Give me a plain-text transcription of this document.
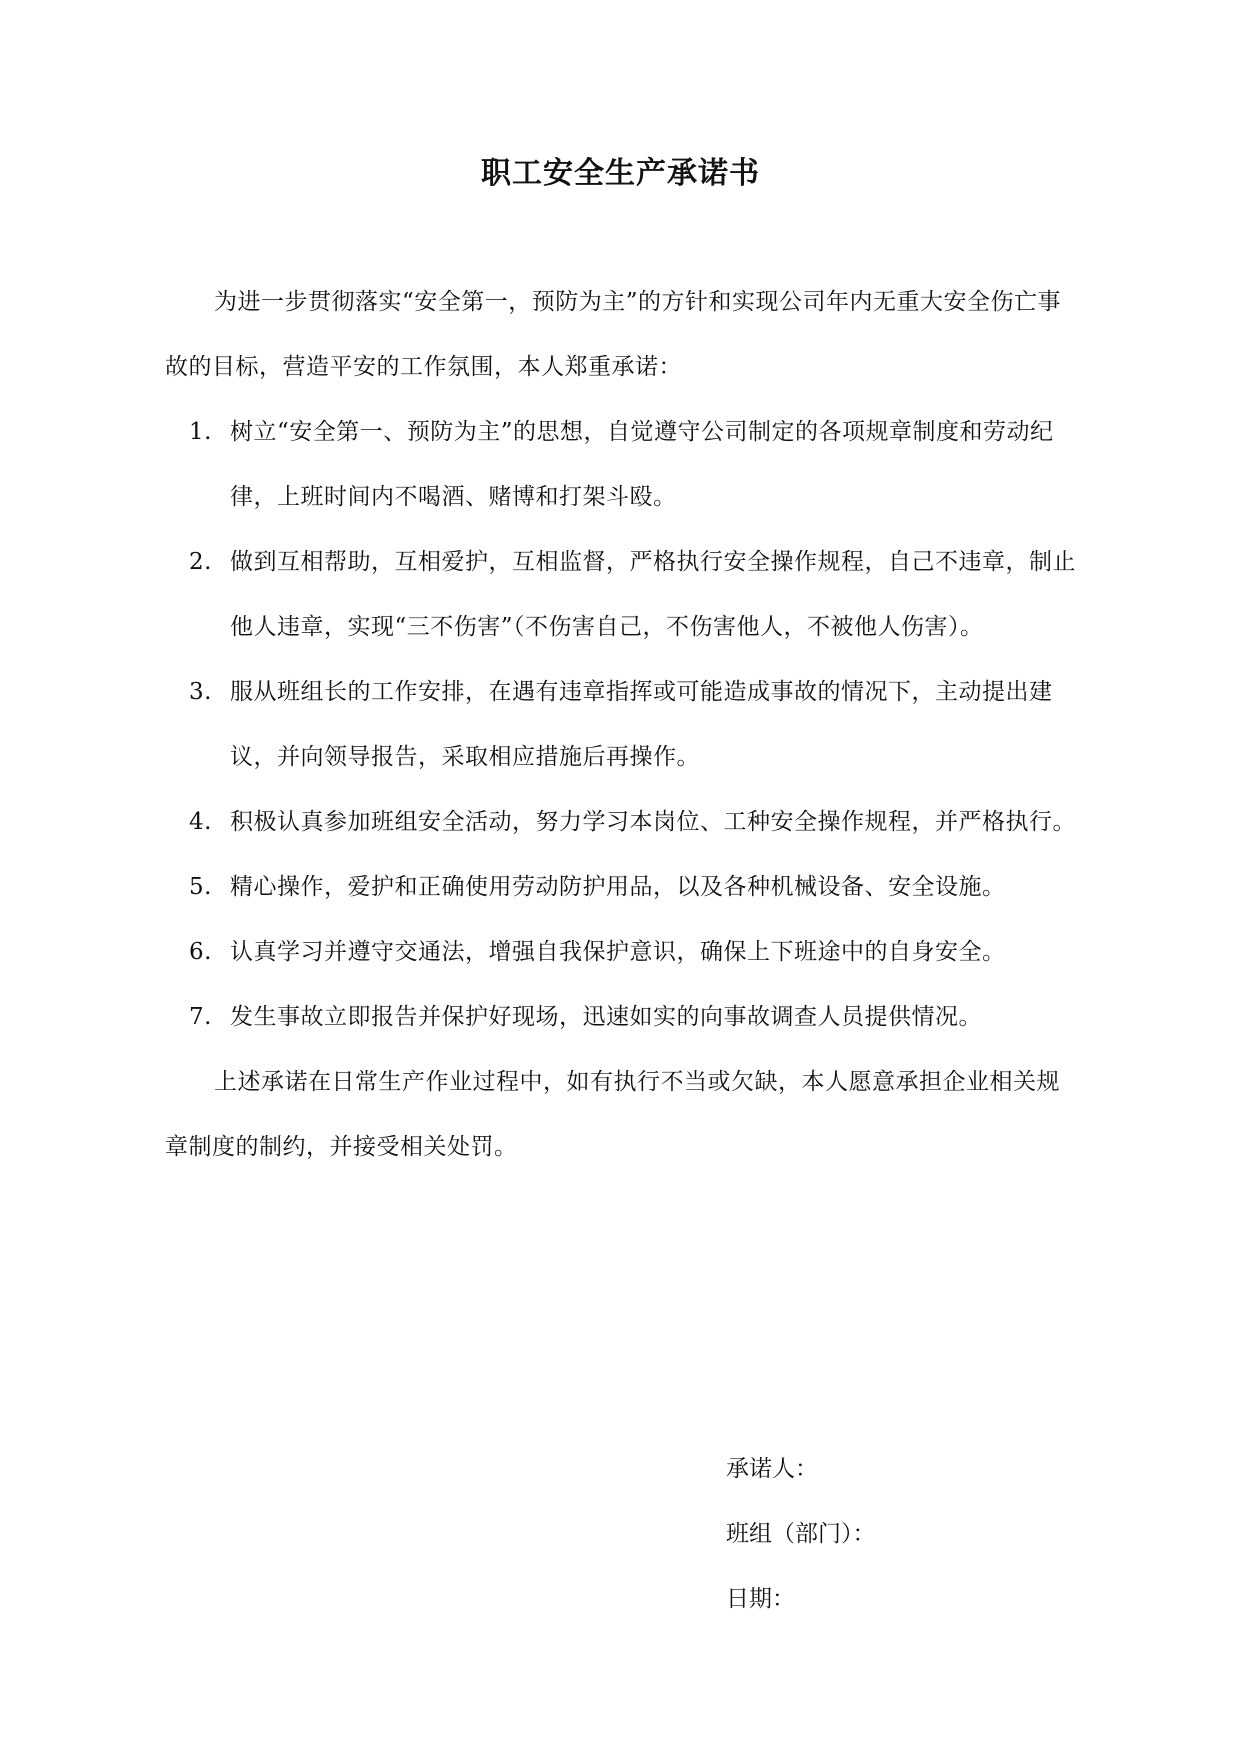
职工安全生产承诺书

为进一步贯彻落实“安全第一，预防为主”的方针和实现公司年内无重大安全伤亡事故的目标，营造平安的工作氛围，本人郑重承诺：

1. 树立“安全第一、预防为主”的思想，自觉遵守公司制定的各项规章制度和劳动纪律，上班时间内不喝酒、赌博和打架斗殴。
2. 做到互相帮助，互相爱护，互相监督，严格执行安全操作规程，自己不违章，制止他人违章，实现“三不伤害”（不伤害自己，不伤害他人，不被他人伤害）。
3. 服从班组长的工作安排，在遇有违章指挥或可能造成事故的情况下，主动提出建议，并向领导报告，采取相应措施后再操作。
4. 积极认真参加班组安全活动，努力学习本岗位、工种安全操作规程，并严格执行。
5. 精心操作，爱护和正确使用劳动防护用品，以及各种机械设备、安全设施。
6. 认真学习并遵守交通法，增强自我保护意识，确保上下班途中的自身安全。
7. 发生事故立即报告并保护好现场，迅速如实的向事故调查人员提供情况。

上述承诺在日常生产作业过程中，如有执行不当或欠缺，本人愿意承担企业相关规章制度的制约，并接受相关处罚。

承诺人：

班组（部门）：

日期：
